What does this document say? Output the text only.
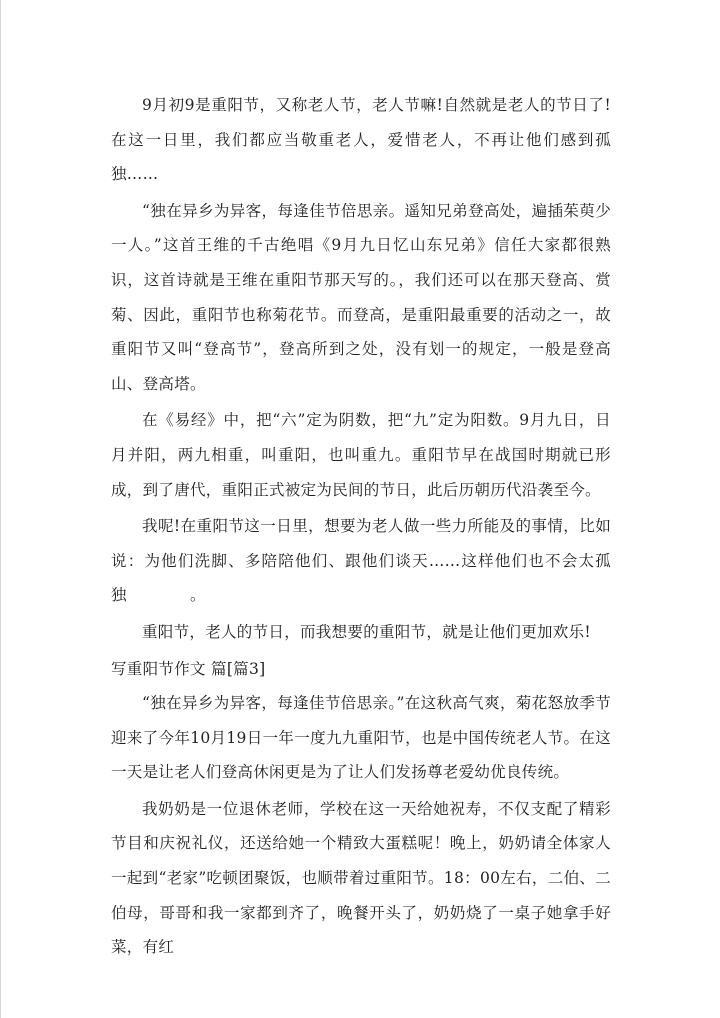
9月初9是重阳节，又称老人节，老人节嘛!自然就是老人的节日了!在这一日里，我们都应当敬重老人，爱惜老人，不再让他们感到孤独……

“独在异乡为异客，每逢佳节倍思亲。遥知兄弟登高处，遍插茱萸少一人。”这首王维的千古绝唱《9月九日忆山东兄弟》信任大家都很熟识，这首诗就是王维在重阳节那天写的。，我们还可以在那天登高、赏菊、因此，重阳节也称菊花节。而登高，是重阳最重要的活动之一，故重阳节又叫“登高节”，登高所到之处，没有划一的规定，一般是登高山、登高塔。

在《易经》中，把“六”定为阴数，把“九”定为阳数。9月九日，日月并阳，两九相重，叫重阳，也叫重九。重阳节早在战国时期就已形成，到了唐代，重阳正式被定为民间的节日，此后历朝历代沿袭至今。

我呢!在重阳节这一日里，想要为老人做一些力所能及的事情，比如说：为他们洗脚、多陪陪他们、跟他们谈天……这样他们也不会太孤独　　　　。

重阳节，老人的节日，而我想要的重阳节，就是让他们更加欢乐!

写重阳节作文 篇[篇3]

“独在异乡为异客，每逢佳节倍思亲。”在这秋高气爽，菊花怒放季节迎来了今年10月19日一年一度九九重阳节，也是中国传统老人节。在这一天是让老人们登高休闲更是为了让人们发扬尊老爱幼优良传统。

我奶奶是一位退休老师，学校在这一天给她祝寿，不仅支配了精彩节目和庆祝礼仪，还送给她一个精致大蛋糕呢！晚上，奶奶请全体家人一起到“老家”吃顿团聚饭，也顺带着过重阳节。18：00左右，二伯、二伯母，哥哥和我一家都到齐了，晚餐开头了，奶奶烧了一桌子她拿手好菜，有红
